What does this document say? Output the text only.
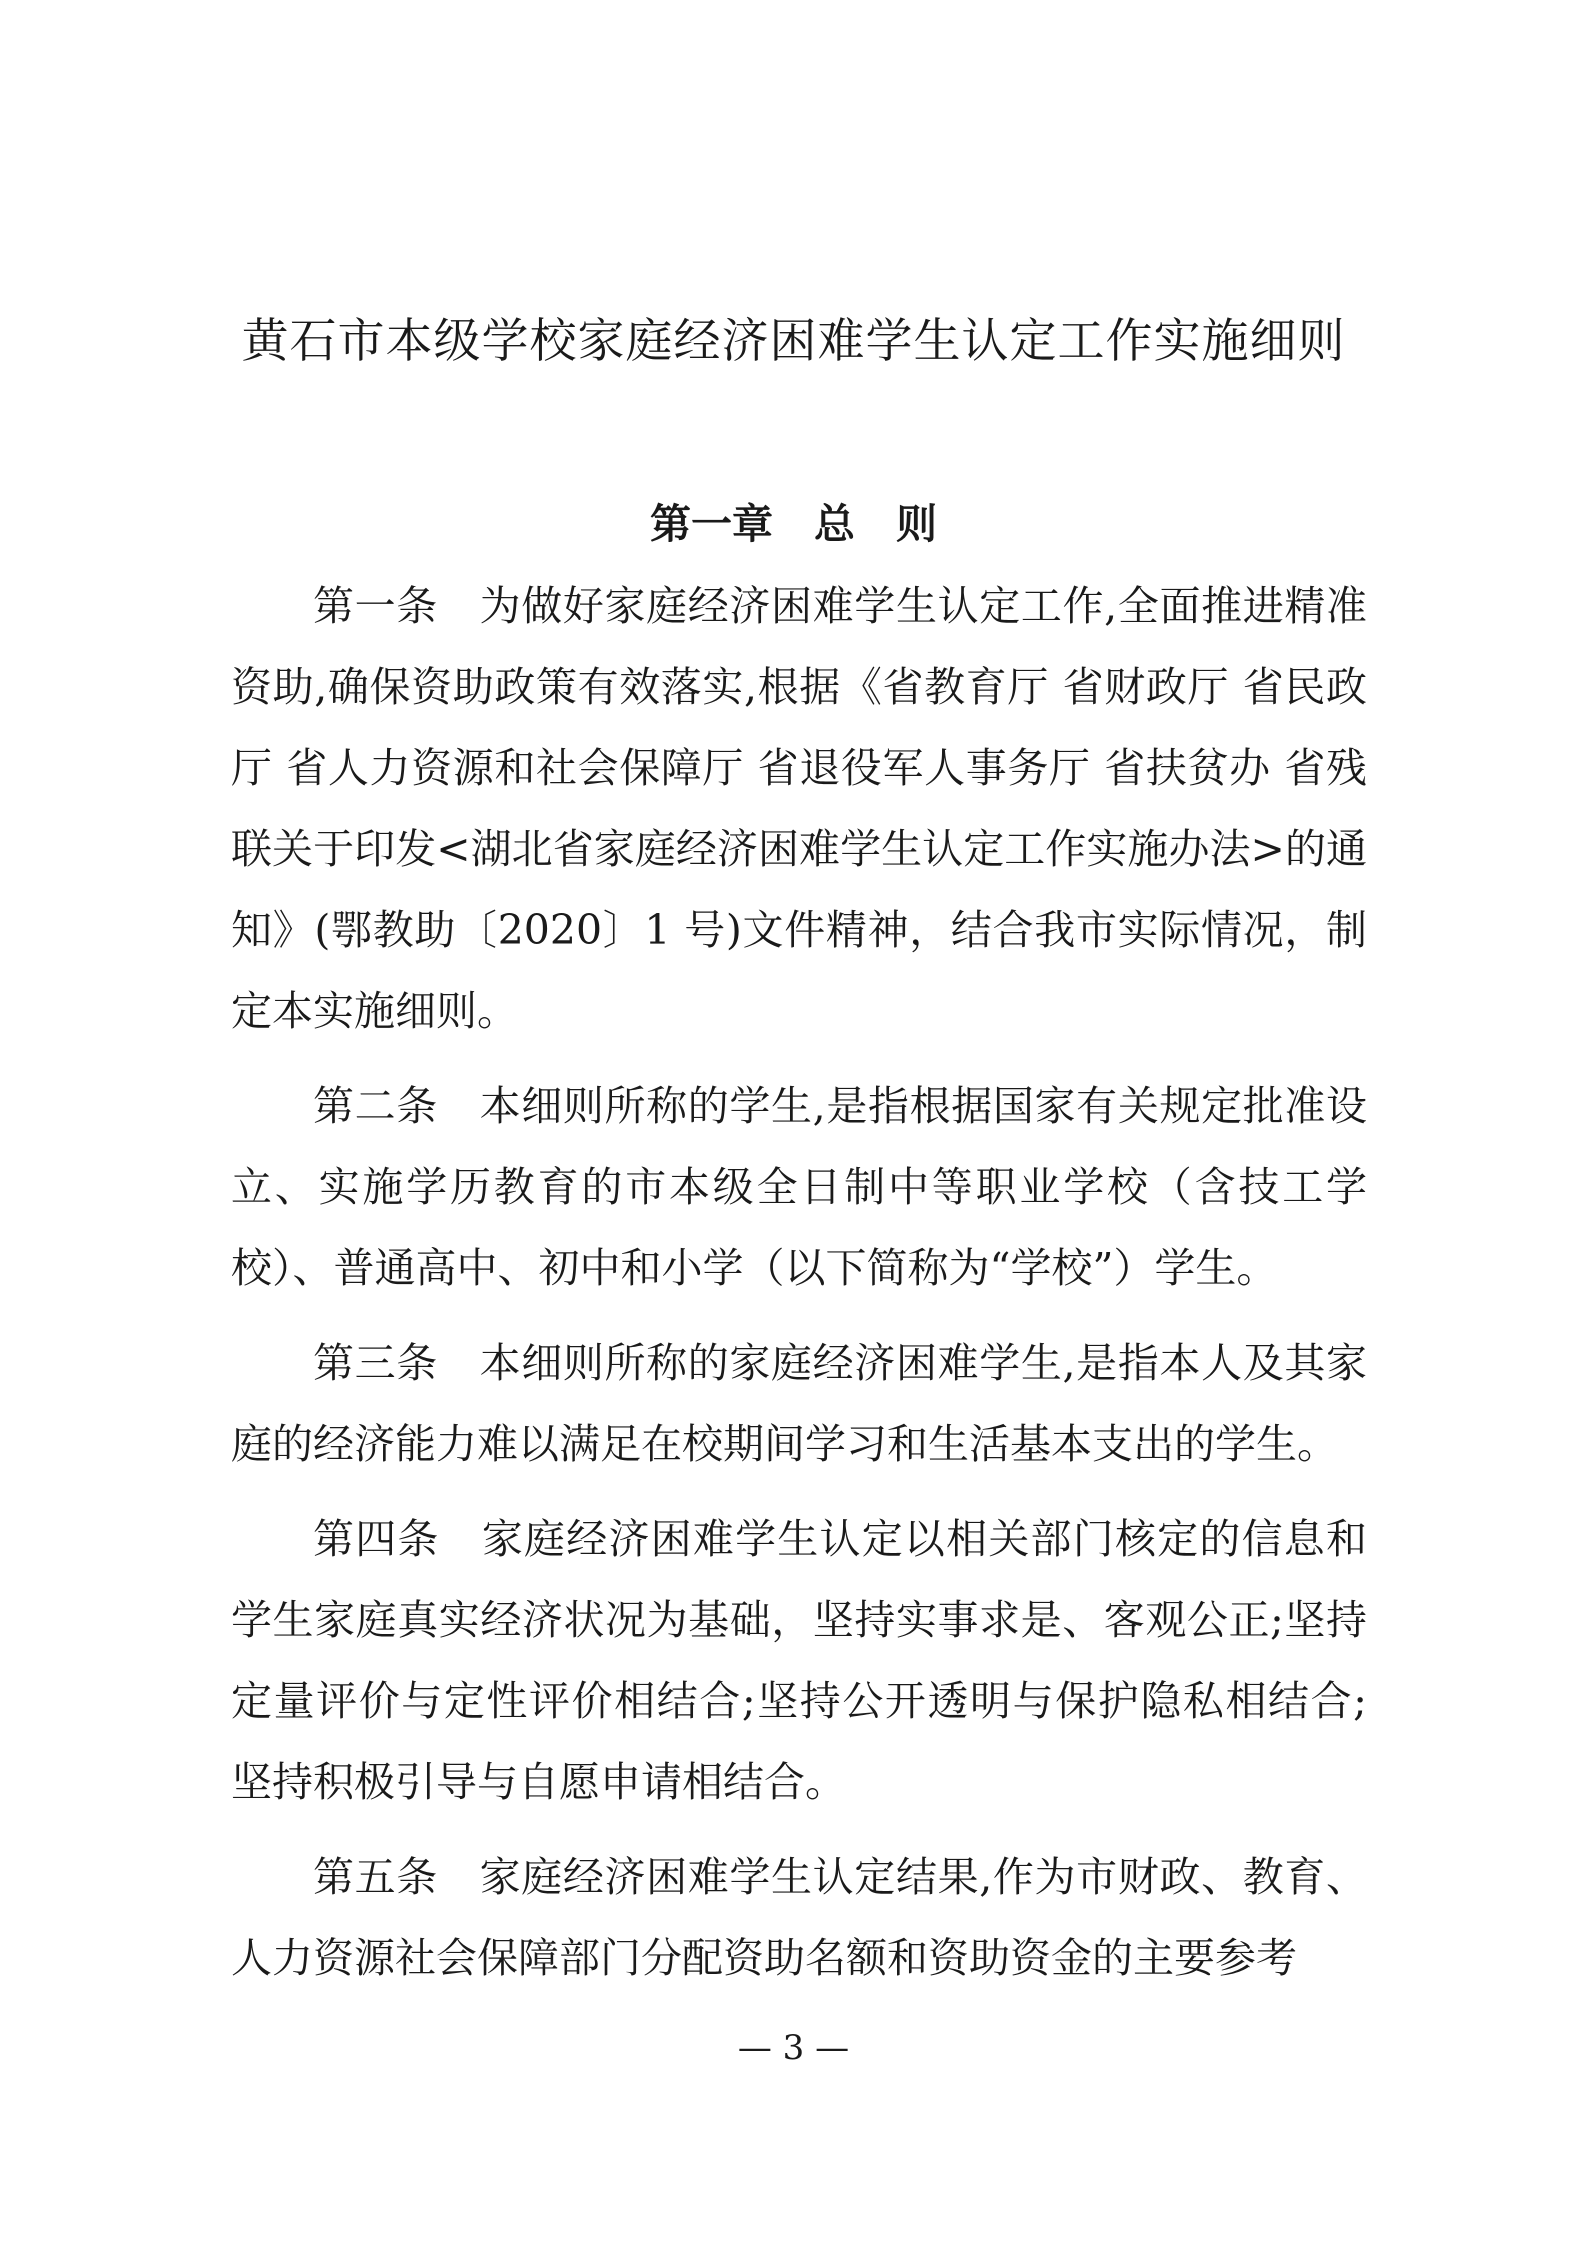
黄石市本级学校家庭经济困难学生认定工作实施细则
第一章　总　则

第一条　为做好家庭经济困难学生认定工作,全面推进精准资助,确保资助政策有效落实,根据《省教育厅 省财政厅 省民政厅 省人力资源和社会保障厅 省退役军人事务厅 省扶贫办 省残联关于印发<湖北省家庭经济困难学生认定工作实施办法>的通知》(鄂教助〔2020〕1 号)文件精神，结合我市实际情况，制定本实施细则。

第二条　本细则所称的学生,是指根据国家有关规定批准设立、实施学历教育的市本级全日制中等职业学校（含技工学校）、普通高中、初中和小学（以下简称为“学校”）学生。

第三条　本细则所称的家庭经济困难学生,是指本人及其家庭的经济能力难以满足在校期间学习和生活基本支出的学生。

第四条　家庭经济困难学生认定以相关部门核定的信息和学生家庭真实经济状况为基础，坚持实事求是、客观公正;坚持定量评价与定性评价相结合;坚持公开透明与保护隐私相结合; 坚持积极引导与自愿申请相结合。

第五条　家庭经济困难学生认定结果,作为市财政、教育、人力资源社会保障部门分配资助名额和资助资金的主要参考

— 3 —
